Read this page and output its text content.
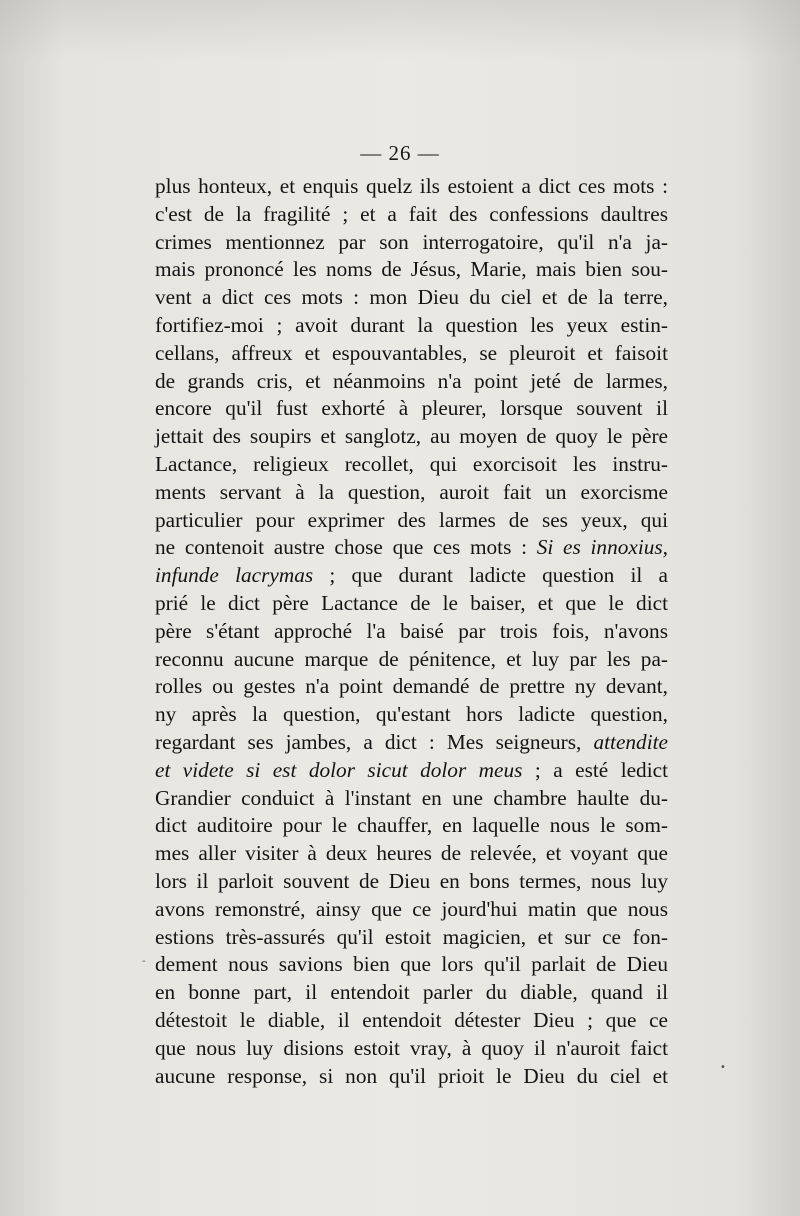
— 26 —
plus honteux, et enquis quelz ils estoient a dict ces mots :
c'est de la fragilité ; et a fait des confessions daultres
crimes mentionnez par son interrogatoire, qu'il n'a ja-
mais prononcé les noms de Jésus, Marie, mais bien sou-
vent a dict ces mots : mon Dieu du ciel et de la terre,
fortifiez-moi ; avoit durant la question les yeux estin-
cellans, affreux et espouvantables, se pleuroit et faisoit
de grands cris, et néanmoins n'a point jeté de larmes,
encore qu'il fust exhorté à pleurer, lorsque souvent il
jettait des soupirs et sanglotz, au moyen de quoy le père
Lactance, religieux recollet, qui exorcisoit les instru-
ments servant à la question, auroit fait un exorcisme
particulier pour exprimer des larmes de ses yeux, qui
ne contenoit austre chose que ces mots : Si es innoxius,
infunde lacrymas ; que durant ladicte question il a
prié le dict père Lactance de le baiser, et que le dict
père s'étant approché l'a baisé par trois fois, n'avons
reconnu aucune marque de pénitence, et luy par les pa-
rolles ou gestes n'a point demandé de prettre ny devant,
ny après la question, qu'estant hors ladicte question,
regardant ses jambes, a dict : Mes seigneurs, attendite
et videte si est dolor sicut dolor meus ; a esté ledict
Grandier conduict à l'instant en une chambre haulte du-
dict auditoire pour le chauffer, en laquelle nous le som-
mes aller visiter à deux heures de relevée, et voyant que
lors il parloit souvent de Dieu en bons termes, nous luy
avons remonstré, ainsy que ce jourd'hui matin que nous
estions très-assurés qu'il estoit magicien, et sur ce fon-
dement nous savions bien que lors qu'il parlait de Dieu
en bonne part, il entendoit parler du diable, quand il
détestoit le diable, il entendoit détester Dieu ; que ce
que nous luy disions estoit vray, à quoy il n'auroit faict
aucune response, si non qu'il prioit le Dieu du ciel et
-
•
